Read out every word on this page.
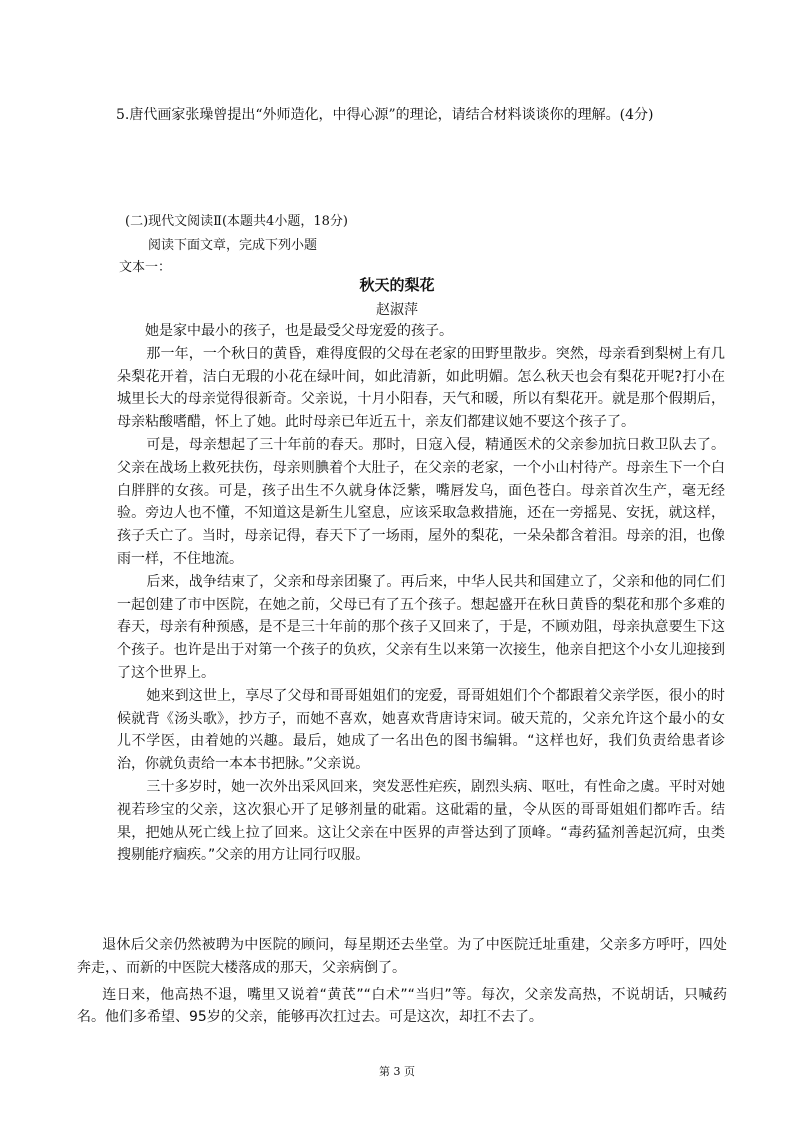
5.唐代画家张璪曾提出“外师造化，中得心源”的理论，请结合材料谈谈你的理解。(4分)
(二)现代文阅读Ⅱ(本题共4小题，18分)
阅读下面文章，完成下列小题
文本一：
秋天的梨花
赵淑萍

她是家中最小的孩子，也是最受父母宠爱的孩子。

那一年，一个秋日的黄昏，难得度假的父母在老家的田野里散步。突然，母亲看到梨树上有几朵梨花开着，洁白无瑕的小花在绿叶间，如此清新，如此明媚。怎么秋天也会有梨花开呢?打小在城里长大的母亲觉得很新奇。父亲说，十月小阳春，天气和暖，所以有梨花开。就是那个假期后，母亲粘酸嗜醋，怀上了她。此时母亲已年近五十，亲友们都建议她不要这个孩子了。

可是，母亲想起了三十年前的春天。那时，日寇入侵，精通医术的父亲参加抗日救卫队去了。父亲在战场上救死扶伤，母亲则腆着个大肚子，在父亲的老家，一个小山村待产。母亲生下一个白白胖胖的女孩。可是，孩子出生不久就身体泛紫，嘴唇发乌，面色苍白。母亲首次生产，毫无经验。旁边人也不懂，不知道这是新生儿窒息，应该采取急救措施，还在一旁摇晃、安抚，就这样，孩子夭亡了。当时，母亲记得，春天下了一场雨，屋外的梨花，一朵朵都含着泪。母亲的泪，也像雨一样，不住地流。

后来，战争结束了，父亲和母亲团聚了。再后来，中华人民共和国建立了，父亲和他的同仁们一起创建了市中医院，在她之前，父母已有了五个孩子。想起盛开在秋日黄昏的梨花和那个多难的春天，母亲有种预感，是不是三十年前的那个孩子又回来了，于是，不顾劝阻，母亲执意要生下这个孩子。也许是出于对第一个孩子的负疚，父亲有生以来第一次接生，他亲自把这个小女儿迎接到了这个世界上。

她来到这世上，享尽了父母和哥哥姐姐们的宠爱，哥哥姐姐们个个都跟着父亲学医，很小的时候就背《汤头歌》，抄方子，而她不喜欢，她喜欢背唐诗宋词。破天荒的，父亲允许这个最小的女儿不学医，由着她的兴趣。最后，她成了一名出色的图书编辑。“这样也好，我们负责给患者诊治，你就负责给一本本书把脉。”父亲说。

三十多岁时，她一次外出采风回来，突发恶性疟疾，剧烈头病、呕吐，有性命之虞。平时对她视若珍宝的父亲，这次狠心开了足够剂量的砒霜。这砒霜的量，令从医的哥哥姐姐们都咋舌。结果，把她从死亡线上拉了回来。这让父亲在中医界的声誉达到了顶峰。“毒药猛剂善起沉疴，虫类搜剔能疗痼疾。”父亲的用方让同行叹服。

退休后父亲仍然被聘为中医院的顾问，每星期还去坐堂。为了中医院迁址重建，父亲多方呼吁，四处奔走，、而新的中医院大楼落成的那天，父亲病倒了。

连日来，他高热不退，嘴里又说着“黄芪”“白术”“当归”等。每次，父亲发高热，不说胡话，只喊药名。他们多希望、95岁的父亲，能够再次扛过去。可是这次，却扛不去了。

第 3 页
